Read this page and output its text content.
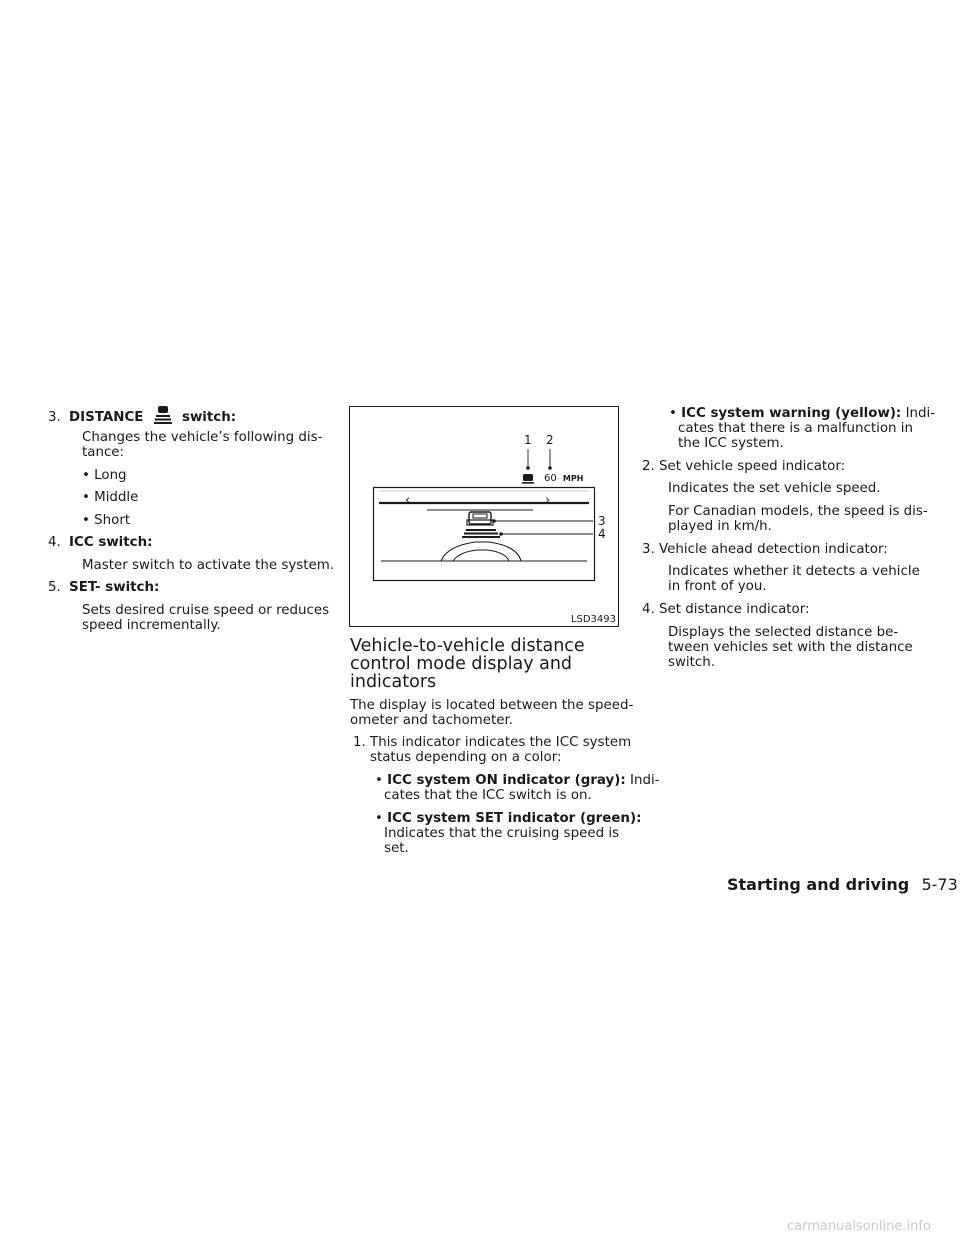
3. DISTANCE	switch:
Changes the vehicle’s following dis-
tance:
• Long
• Middle
• Short
4. ICC switch:
Master switch to activate the system.
5. SET- switch:
Sets desired cruise speed or reduces
speed incrementally.
1 2
3
4
60 MPH
‹	›
LSD3493
Vehicle-to-vehicle distance
control mode display and
indicators
The display is located between the speed-
ometer and tachometer.
1. This indicator indicates the ICC system
status depending on a color:
• ICC system ON indicator (gray): Indi-
cates that the ICC switch is on.
• ICC system SET indicator (green):
Indicates that the cruising speed is
set.
• ICC system warning (yellow): Indi-
cates that there is a malfunction in
the ICC system.
2. Set vehicle speed indicator:
Indicates the set vehicle speed.
For Canadian models, the speed is dis-
played in km/h.
3. Vehicle ahead detection indicator:
Indicates whether it detects a vehicle
in front of you.
4. Set distance indicator:
Displays the selected distance be-
tween vehicles set with the distance
switch.
Starting and driving 5-73
carmanualsonline.info
